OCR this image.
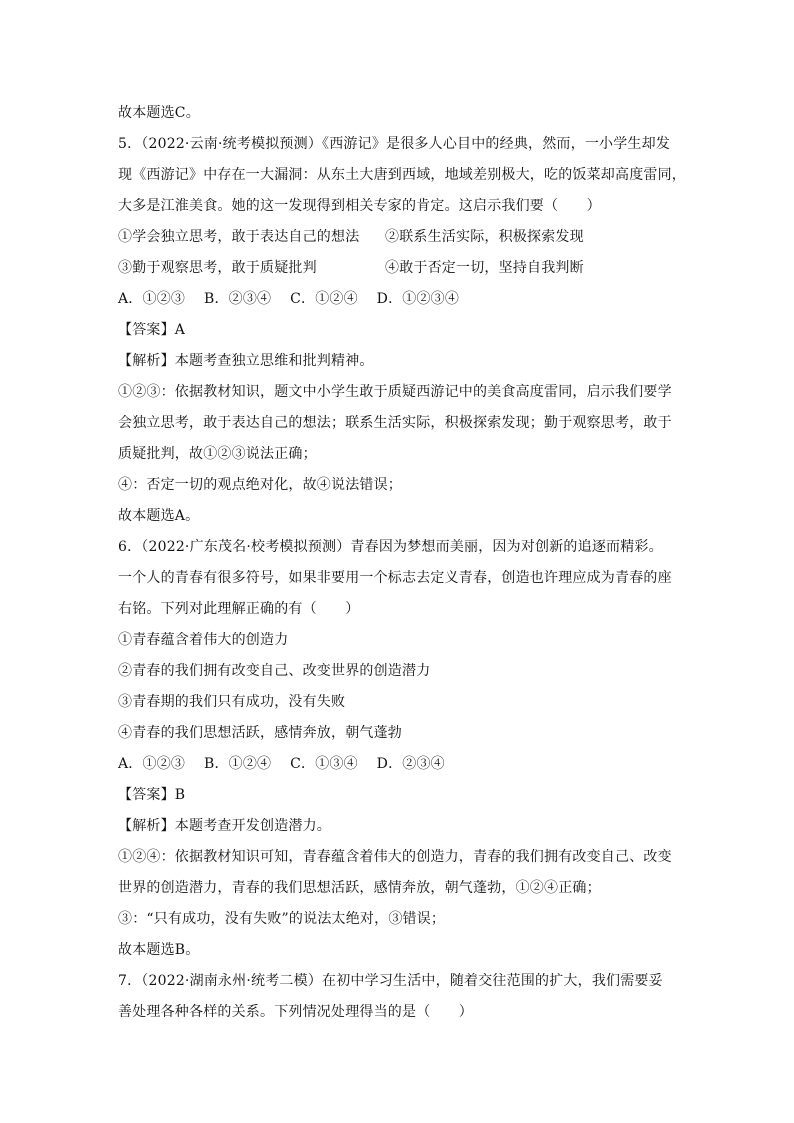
故本题选C。
5．（2022·云南·统考模拟预测）《西游记》是很多人心目中的经典，然而，一小学生却发
现《西游记》中存在一大漏洞：从东土大唐到西域，地域差别极大，吃的饭菜却高度雷同，
大多是江淮美食。她的这一发现得到相关专家的肯定。这启示我们要（　　）
①学会独立思考，敢于表达自己的想法	②联系生活实际，积极探索发现
③勤于观察思考，敢于质疑批判	④敢于否定一切，坚持自我判断
A．①②③　 B．②③④　 C．①②④　 D．①②③④
【答案】A
【解析】本题考查独立思维和批判精神。
①②③：依据教材知识，题文中小学生敢于质疑西游记中的美食高度雷同，启示我们要学
会独立思考，敢于表达自己的想法；联系生活实际，积极探索发现；勤于观察思考，敢于
质疑批判，故①②③说法正确；
④：否定一切的观点绝对化，故④说法错误；
故本题选A。
6．（2022·广东茂名·校考模拟预测）青春因为梦想而美丽，因为对创新的追逐而精彩。
一个人的青春有很多符号，如果非要用一个标志去定义青春，创造也许理应成为青春的座
右铭。下列对此理解正确的有（　　）
①青春蕴含着伟大的创造力
②青春的我们拥有改变自己、改变世界的创造潜力
③青春期的我们只有成功，没有失败
④青春的我们思想活跃，感情奔放，朝气蓬勃
A．①②③　 B．①②④　 C．①③④　 D．②③④
【答案】B
【解析】本题考查开发创造潜力。
①②④：依据教材知识可知，青春蕴含着伟大的创造力，青春的我们拥有改变自己、改变
世界的创造潜力，青春的我们思想活跃，感情奔放，朝气蓬勃，①②④正确；
③：“只有成功，没有失败”的说法太绝对，③错误；
故本题选B。
7．（2022·湖南永州·统考二模）在初中学习生活中，随着交往范围的扩大，我们需要妥
善处理各种各样的关系。下列情况处理得当的是（　　）
